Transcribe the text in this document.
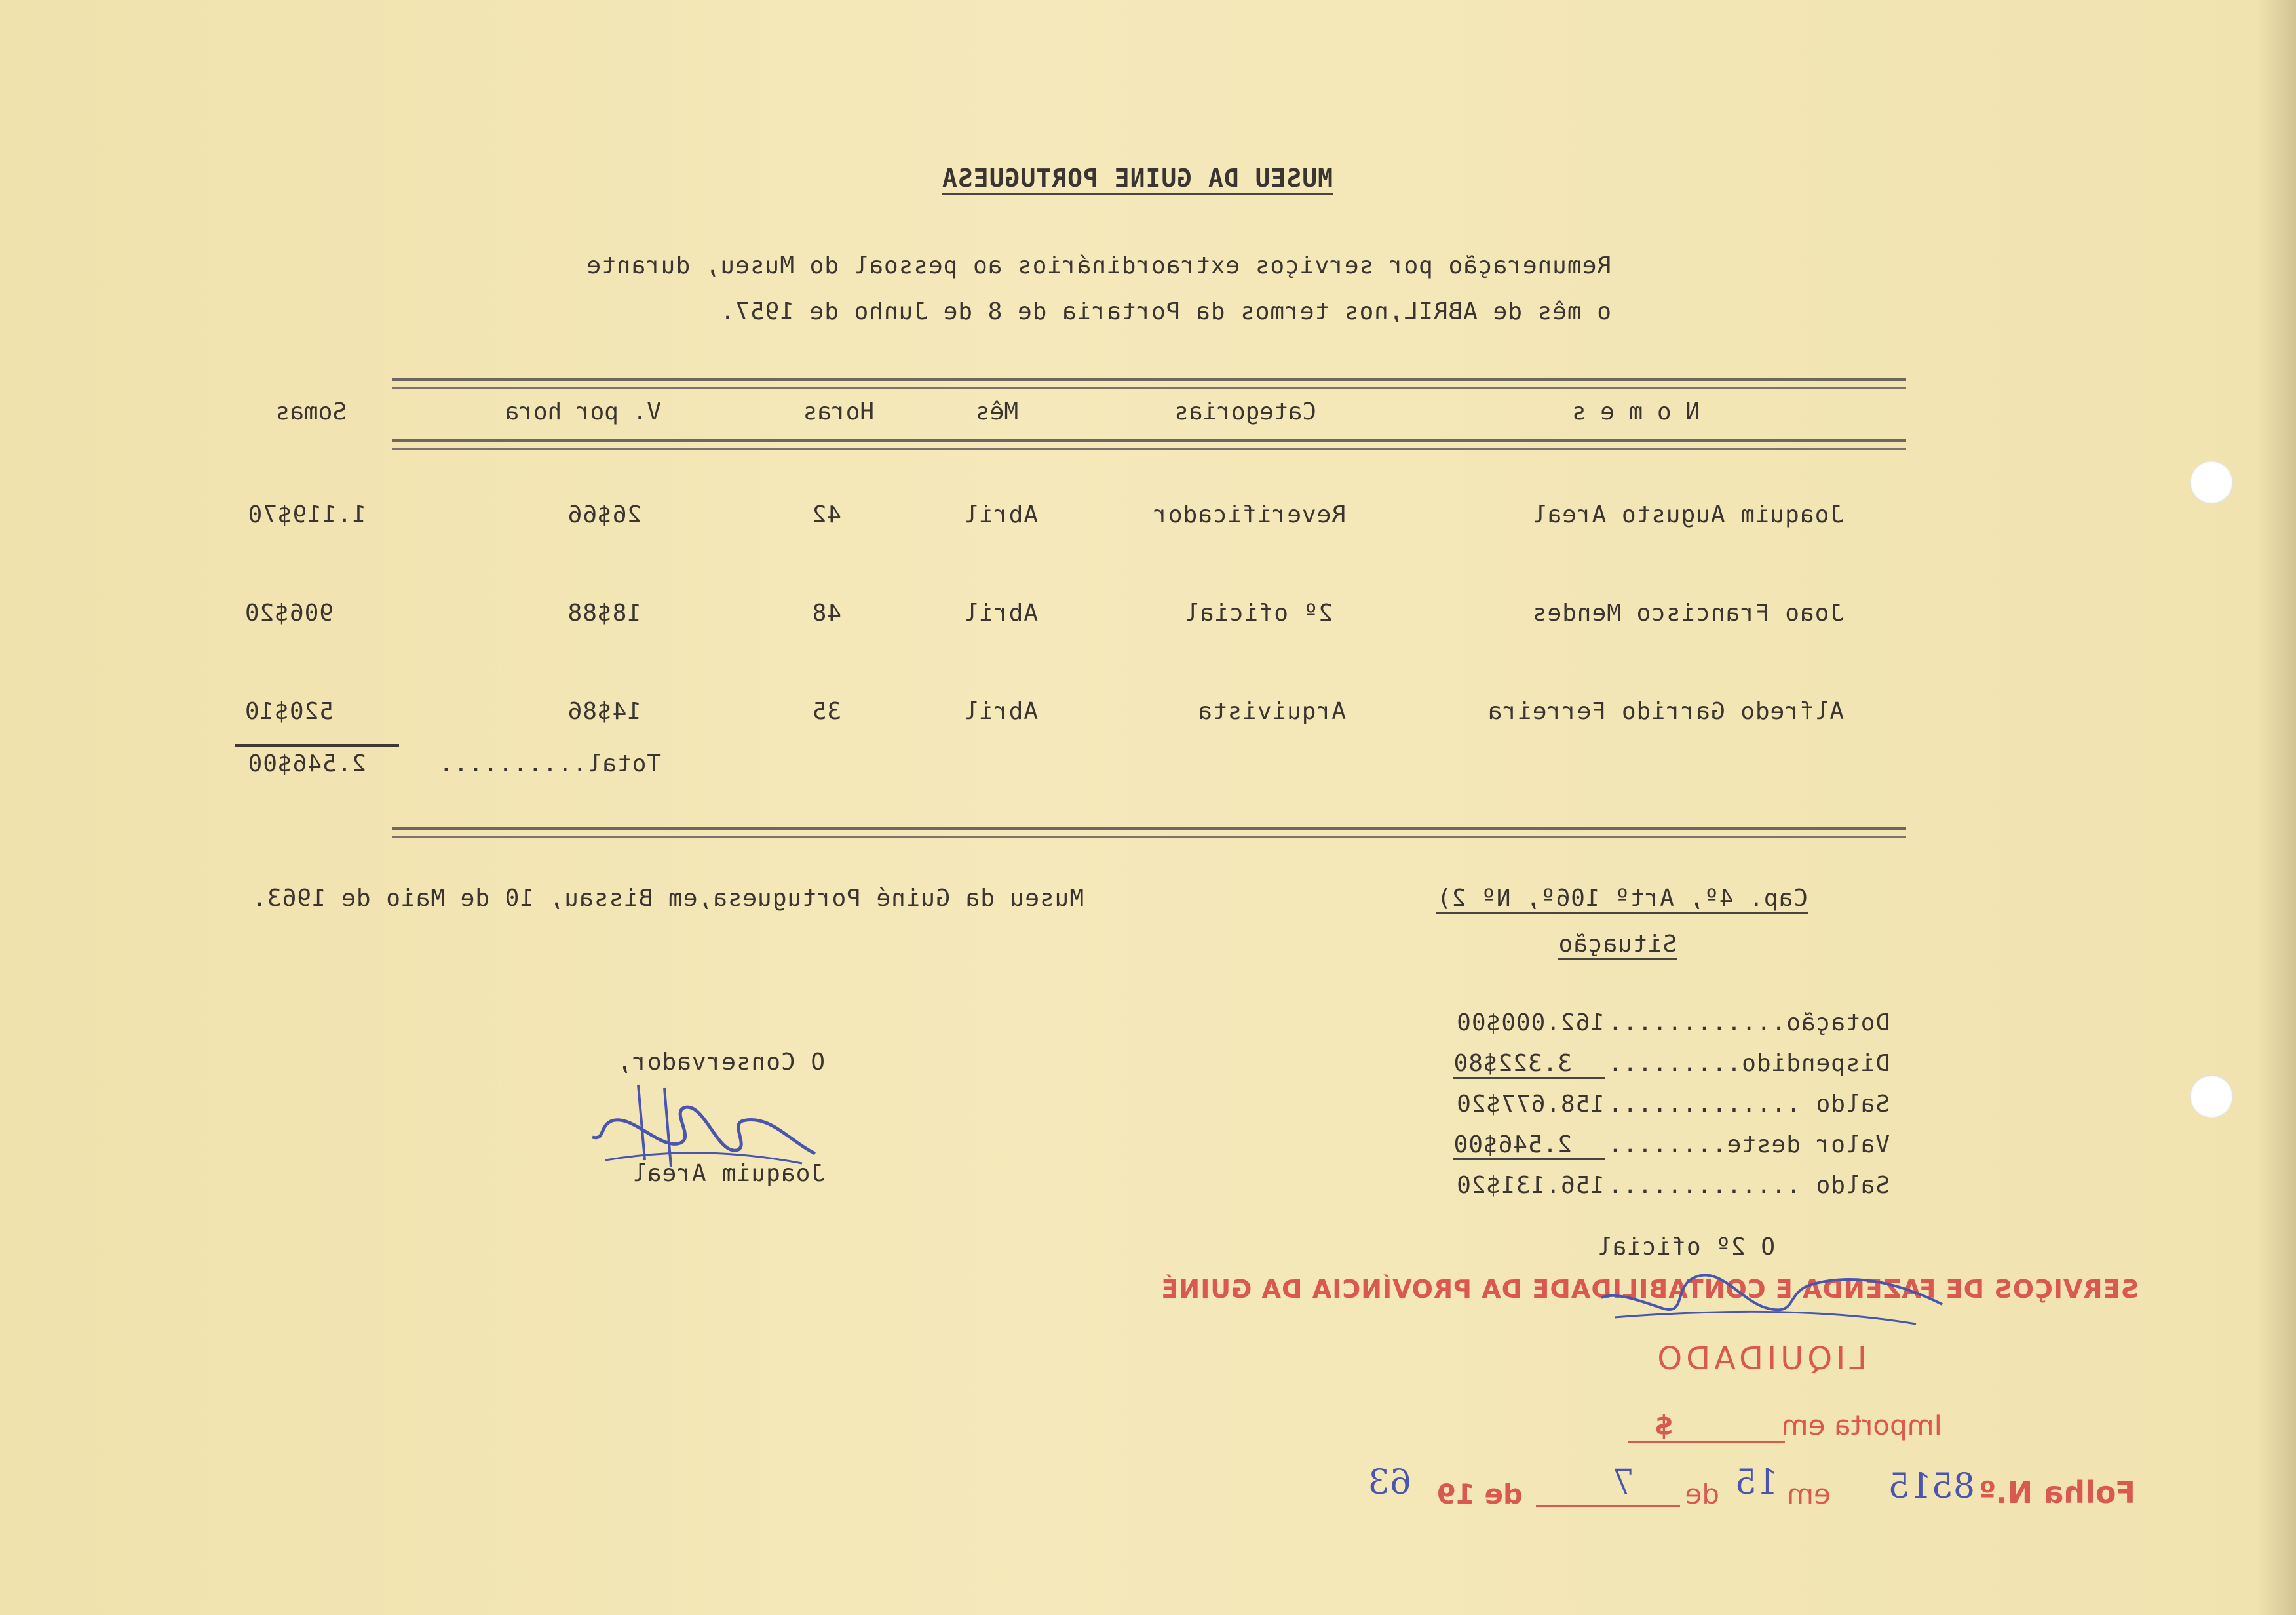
MUSEU DA GUINE PORTUGUESA
Remuneração por serviços extraordinários ao pessoal do Museu, durante
o mês de ABRIL,nos termos da Portaria de 8 de Junho de 1957.
N o m e s
Categorias
Mês
Horas
V. por hora
Somas
Joaquim Augusto Areal
Reverificador
Abril
42
26$66
1.119$70
Joao Francisco Mendes
2º oficial
Abril
48
18$88
906$20
Alfredo Garrido Ferreira
Arquivista
Abril
35
14$86
520$10
Total..........
2.546$00
Cap. 4º, Artº 106º, Nº 2)
Situação
Dotação............
162.000$00
Dispendido.........
3.322$80
Saldo .............
158.677$20
Valor deste........
2.546$00
Saldo .............
156.131$20
O 2º oficial
Museu da Guiné Portuguesa,em Bissau, 10 de Maio de 1963.
O Conservador,
Joaquim Areal
SERVIÇOS DE FAZENDA E CONTABILIDADE DA PROVÍNCIA DA GUINÉ
LIQUIDADO
Importa em
$
Folha N.º
8515
em
15
de
7
de 19
63
